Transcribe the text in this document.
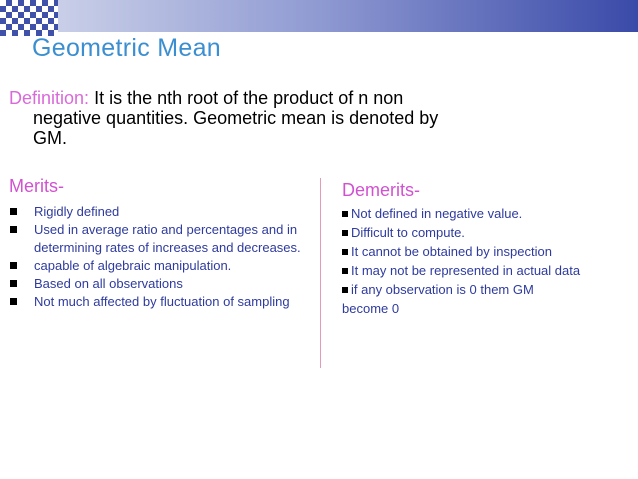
Geometric Mean
Definition: It is the nth root of the product of n non
negative quantities. Geometric mean is denoted by
GM.
Merits-
Rigidly defined
Used in average ratio and percentages and in determining rates of increases and decreases.
capable of algebraic manipulation.
Based on all observations
Not much affected by fluctuation of sampling
Demerits-
Not defined in negative value.
Difficult to compute.
It cannot be obtained by inspection
It may not be represented in actual data
if any observation is 0 them GM
become 0
